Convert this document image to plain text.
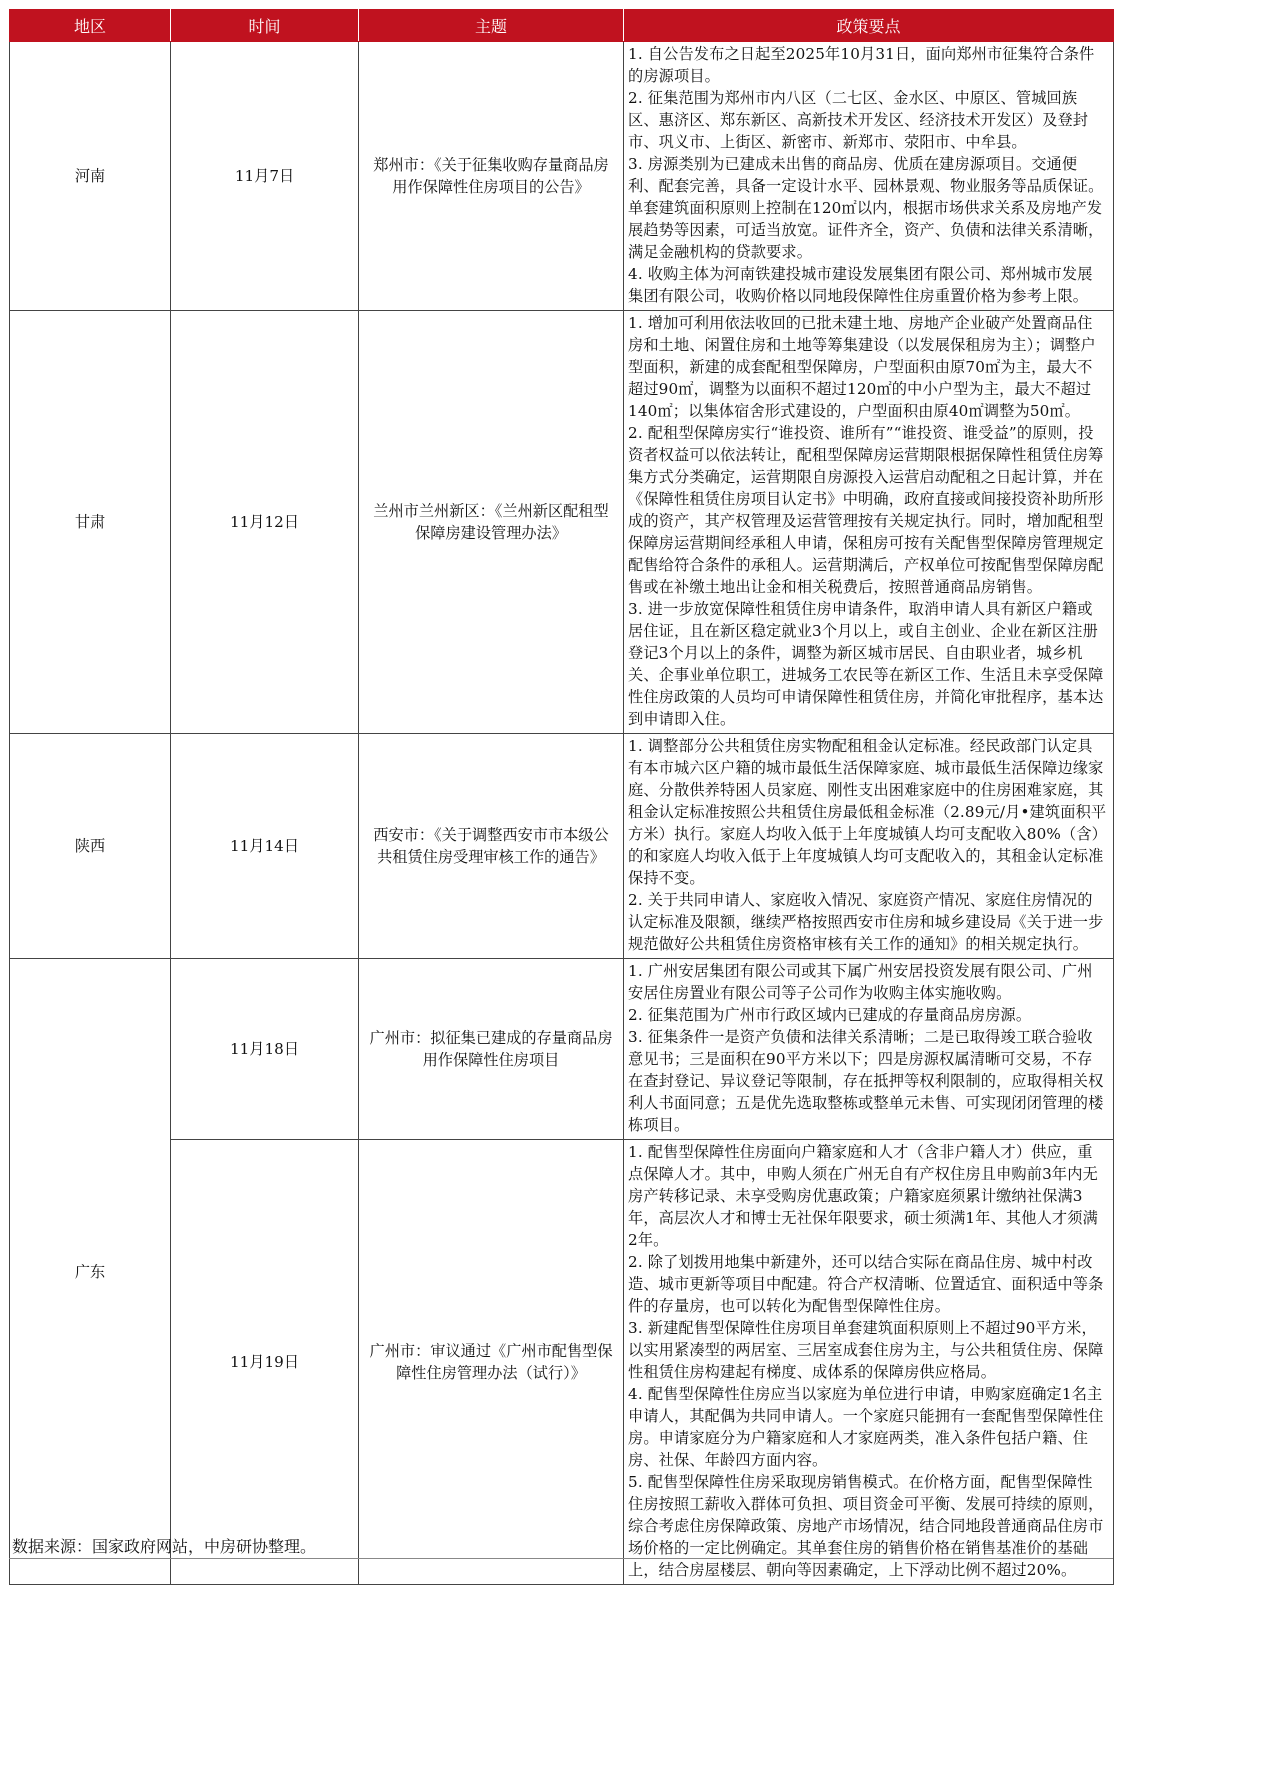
地区	时间	主题	政策要点
河南	11月7日	郑州市：《关于征集收购存量商品房用作保障性住房项目的公告》	1. 自公告发布之日起至2025年10月31日，面向郑州市征集符合条件的房源项目。
2. 征集范围为郑州市内八区（二七区、金水区、中原区、管城回族区、惠济区、郑东新区、高新技术开发区、经济技术开发区）及登封市、巩义市、上街区、新密市、新郑市、荥阳市、中牟县。
3. 房源类别为已建成未出售的商品房、优质在建房源项目。交通便利、配套完善，具备一定设计水平、园林景观、物业服务等品质保证。单套建筑面积原则上控制在120㎡以内，根据市场供求关系及房地产发展趋势等因素，可适当放宽。证件齐全，资产、负债和法律关系清晰，满足金融机构的贷款要求。
4. 收购主体为河南铁建投城市建设发展集团有限公司、郑州城市发展集团有限公司，收购价格以同地段保障性住房重置价格为参考上限。

甘肃	11月12日	兰州市兰州新区：《兰州新区配租型保障房建设管理办法》	1. 增加可利用依法收回的已批未建土地、房地产企业破产处置商品住房和土地、闲置住房和土地等筹集建设（以发展保租房为主）；调整户型面积，新建的成套配租型保障房，户型面积由原70㎡为主，最大不超过90㎡，调整为以面积不超过120㎡的中小户型为主，最大不超过140㎡；以集体宿舍形式建设的，户型面积由原40㎡调整为50㎡。
2. 配租型保障房实行“谁投资、谁所有”“谁投资、谁受益”的原则，投资者权益可以依法转让，配租型保障房运营期限根据保障性租赁住房筹集方式分类确定，运营期限自房源投入运营启动配租之日起计算，并在《保障性租赁住房项目认定书》中明确，政府直接或间接投资补助所形成的资产，其产权管理及运营管理按有关规定执行。同时，增加配租型保障房运营期间经承租人申请，保租房可按有关配售型保障房管理规定配售给符合条件的承租人。运营期满后，产权单位可按配售型保障房配售或在补缴土地出让金和相关税费后，按照普通商品房销售。
3. 进一步放宽保障性租赁住房申请条件，取消申请人具有新区户籍或居住证，且在新区稳定就业3个月以上，或自主创业、企业在新区注册登记3个月以上的条件，调整为新区城市居民、自由职业者，城乡机关、企事业单位职工，进城务工农民等在新区工作、生活且未享受保障性住房政策的人员均可申请保障性租赁住房，并简化审批程序，基本达到申请即入住。

陕西	11月14日	西安市：《关于调整西安市市本级公共租赁住房受理审核工作的通告》	1. 调整部分公共租赁住房实物配租租金认定标准。经民政部门认定具有本市城六区户籍的城市最低生活保障家庭、城市最低生活保障边缘家庭、分散供养特困人员家庭、刚性支出困难家庭中的住房困难家庭，其租金认定标准按照公共租赁住房最低租金标准（2.89元/月•建筑面积平方米）执行。家庭人均收入低于上年度城镇人均可支配收入80%（含）的和家庭人均收入低于上年度城镇人均可支配收入的，其租金认定标准保持不变。
2. 关于共同申请人、家庭收入情况、家庭资产情况、家庭住房情况的认定标准及限额，继续严格按照西安市住房和城乡建设局《关于进一步规范做好公共租赁住房资格审核有关工作的通知》的相关规定执行。

广东	11月18日	广州市：拟征集已建成的存量商品房用作保障性住房项目	1. 广州安居集团有限公司或其下属广州安居投资发展有限公司、广州安居住房置业有限公司等子公司作为收购主体实施收购。
2. 征集范围为广州市行政区域内已建成的存量商品房房源。
3. 征集条件一是资产负债和法律关系清晰；二是已取得竣工联合验收意见书；三是面积在90平方米以下；四是房源权属清晰可交易，不存在查封登记、异议登记等限制，存在抵押等权利限制的，应取得相关权利人书面同意；五是优先选取整栋或整单元未售、可实现闭闭管理的楼栋项目。

	11月19日	广州市：审议通过《广州市配售型保障性住房管理办法（试行）》	1. 配售型保障性住房面向户籍家庭和人才（含非户籍人才）供应，重点保障人才。其中，申购人须在广州无自有产权住房且申购前3年内无房产转移记录、未享受购房优惠政策；户籍家庭须累计缴纳社保满3年，高层次人才和博士无社保年限要求，硕士须满1年、其他人才须满2年。
2. 除了划拨用地集中新建外，还可以结合实际在商品住房、城中村改造、城市更新等项目中配建。符合产权清晰、位置适宜、面积适中等条件的存量房，也可以转化为配售型保障性住房。
3. 新建配售型保障性住房项目单套建筑面积原则上不超过90平方米，以实用紧凑型的两居室、三居室成套住房为主，与公共租赁住房、保障性租赁住房构建起有梯度、成体系的保障房供应格局。
4. 配售型保障性住房应当以家庭为单位进行申请，申购家庭确定1名主申请人，其配偶为共同申请人。一个家庭只能拥有一套配售型保障性住房。申请家庭分为户籍家庭和人才家庭两类，准入条件包括户籍、住房、社保、年龄四方面内容。
5. 配售型保障性住房采取现房销售模式。在价格方面，配售型保障性住房按照工薪收入群体可负担、项目资金可平衡、发展可持续的原则，综合考虑住房保障政策、房地产市场情况，结合同地段普通商品住房市场价格的一定比例确定。其单套住房的销售价格在销售基准价的基础上，结合房屋楼层、朝向等因素确定，上下浮动比例不超过20%。
数据来源：国家政府网站，中房研协整理。
